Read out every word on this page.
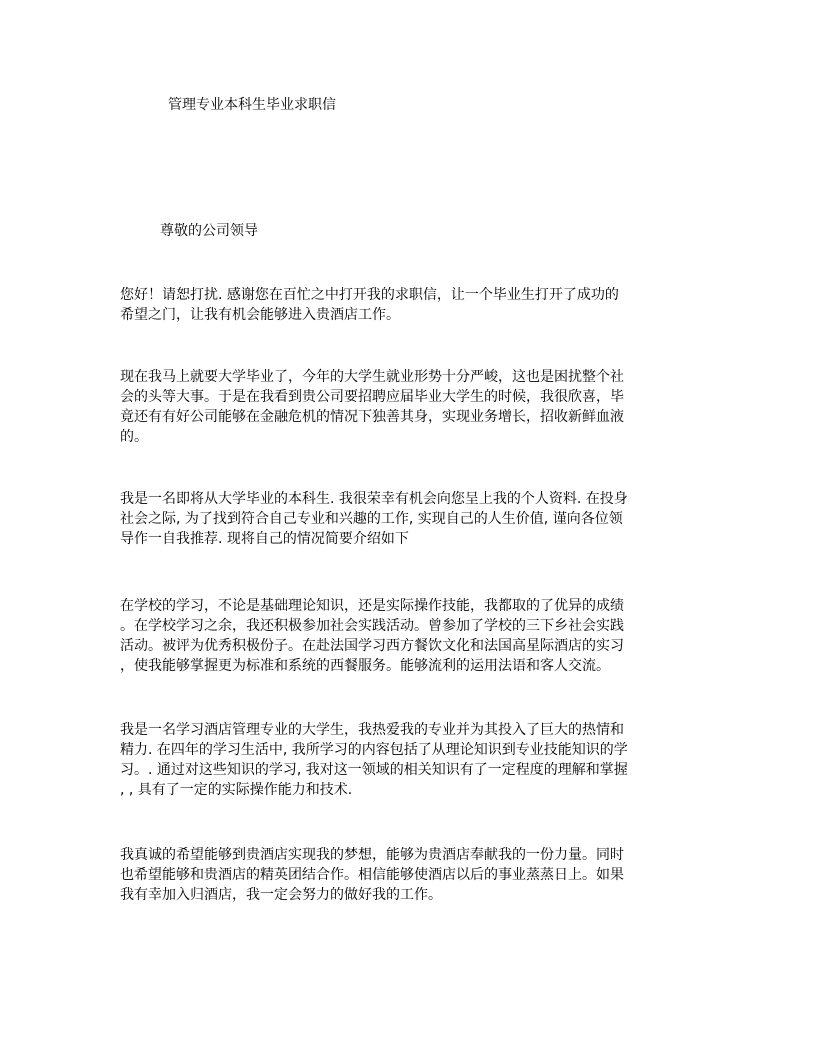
管理专业本科生毕业求职信
尊敬的公司领导

您好！请恕打扰. 感谢您在百忙之中打开我的求职信，让一个毕业生打开了成功的
希望之门，让我有机会能够进入贵酒店工作。

现在我马上就要大学毕业了，今年的大学生就业形势十分严峻，这也是困扰整个社
会的头等大事。于是在我看到贵公司要招聘应届毕业大学生的时候，我很欣喜，毕
竟还有有好公司能够在金融危机的情况下独善其身，实现业务增长，招收新鲜血液
的。

我是一名即将从大学毕业的本科生. 我很荣幸有机会向您呈上我的个人资料. 在投身
社会之际, 为了找到符合自己专业和兴趣的工作, 实现自己的人生价值, 谨向各位领
导作一自我推荐. 现将自己的情况简要介绍如下

在学校的学习，不论是基础理论知识，还是实际操作技能，我都取的了优异的成绩
。在学校学习之余，我还积极参加社会实践活动。曾参加了学校的三下乡社会实践
活动。被评为优秀积极份子。在赴法国学习西方餐饮文化和法国高星际酒店的实习
，使我能够掌握更为标准和系统的西餐服务。能够流利的运用法语和客人交流。

我是一名学习酒店管理专业的大学生，我热爱我的专业并为其投入了巨大的热情和
精力. 在四年的学习生活中, 我所学习的内容包括了从理论知识到专业技能知识的学
习。. 通过对这些知识的学习, 我对这一领域的相关知识有了一定程度的理解和掌握
, , 具有了一定的实际操作能力和技术.

我真诚的希望能够到贵酒店实现我的梦想，能够为贵酒店奉献我的一份力量。同时
也希望能够和贵酒店的精英团结合作。相信能够使酒店以后的事业蒸蒸日上。如果
我有幸加入归酒店，我一定会努力的做好我的工作。
